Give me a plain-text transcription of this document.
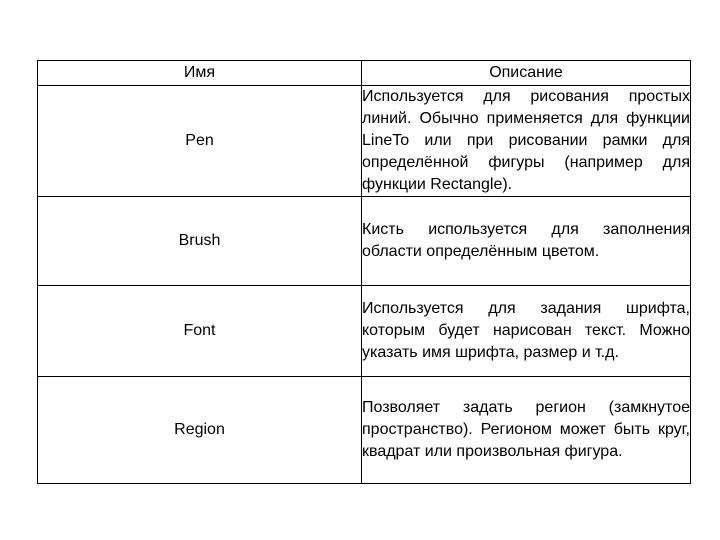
Имя	Описание
Pen	Используется для рисования простых линий. Обычно применяется для функции LineTo или при рисовании рамки для определённой фигуры (например для функции Rectangle).
Brush	Кисть используется для заполнения области определённым цветом.
Font	Используется для задания шрифта, которым будет нарисован текст. Можно указать имя шрифта, размер и т.д.
Region	Позволяет задать регион (замкнутое пространство). Регионом может быть круг, квадрат или произвольная фигура.
